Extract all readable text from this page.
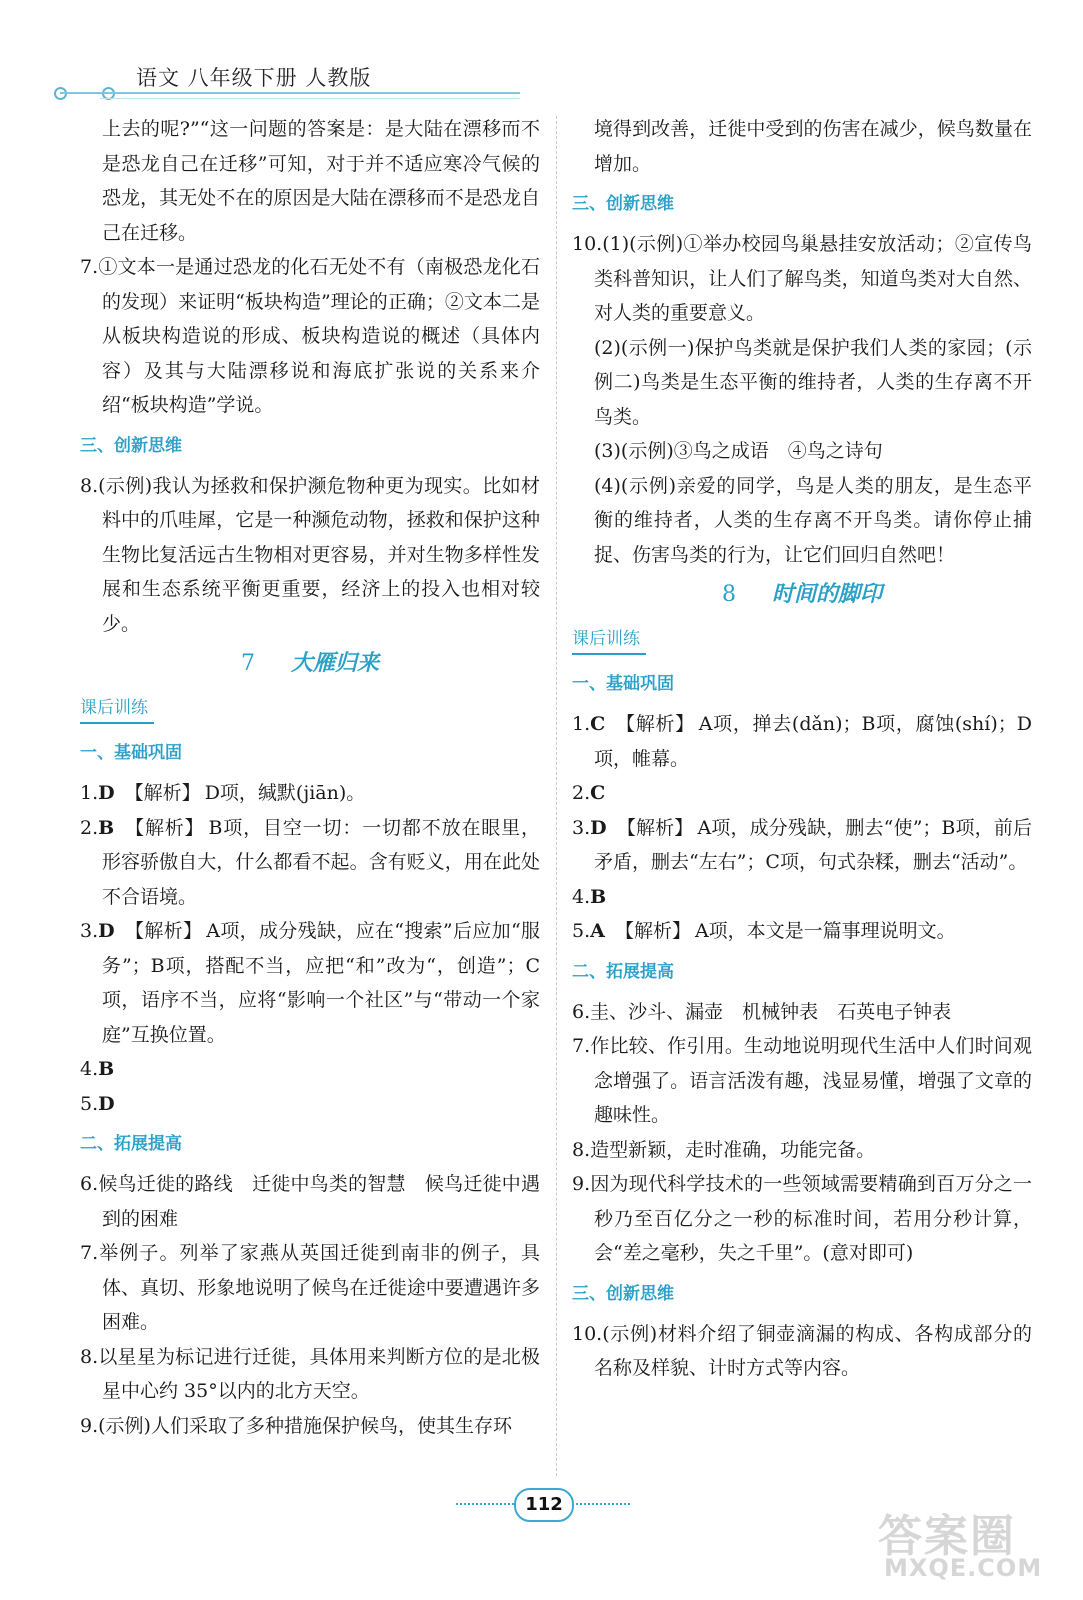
语文 八年级下册 人教版

上去的呢?”“这一问题的答案是：是大陆在漂移而不是恐龙自己在迁移”可知，对于并不适应寒冷气候的恐龙，其无处不在的原因是大陆在漂移而不是恐龙自己在迁移。

7.①文本一是通过恐龙的化石无处不有（南极恐龙化石的发现）来证明“板块构造”理论的正确；②文本二是从板块构造说的形成、板块构造说的概述（具体内容）及其与大陆漂移说和海底扩张说的关系来介绍“板块构造”学说。

三、创新思维

8.(示例)我认为拯救和保护濒危物种更为现实。比如材料中的爪哇犀，它是一种濒危动物，拯救和保护这种生物比复活远古生物相对更容易，并对生物多样性发展和生态系统平衡更重要，经济上的投入也相对较少。

7 大雁归来
课后训练
一、基础巩固

1.D 【解析】 D项，缄默(jiān)。

2.B 【解析】 B项，目空一切：一切都不放在眼里，形容骄傲自大，什么都看不起。含有贬义，用在此处不合语境。

3.D 【解析】 A项，成分残缺，应在“搜索”后应加“服务”；B项，搭配不当，应把“和”改为“，创造”；C项，语序不当，应将“影响一个社区”与“带动一个家庭”互换位置。

4.B

5.D

二、拓展提高

6.候鸟迁徙的路线　迁徙中鸟类的智慧　候鸟迁徙中遇到的困难

7.举例子。列举了家燕从英国迁徙到南非的例子，具体、真切、形象地说明了候鸟在迁徙途中要遭遇许多困难。

8.以星星为标记进行迁徙，具体用来判断方位的是北极星中心约 35°以内的北方天空。

9.(示例)人们采取了多种措施保护候鸟，使其生存环

境得到改善，迁徙中受到的伤害在减少，候鸟数量在增加。

三、创新思维

10.(1)(示例)①举办校园鸟巢悬挂安放活动；②宣传鸟类科普知识，让人们了解鸟类，知道鸟类对大自然、对人类的重要意义。

(2)(示例一)保护鸟类就是保护我们人类的家园；(示例二)鸟类是生态平衡的维持者，人类的生存离不开鸟类。

(3)(示例)③鸟之成语　④鸟之诗句

(4)(示例)亲爱的同学，鸟是人类的朋友，是生态平衡的维持者，人类的生存离不开鸟类。请你停止捕捉、伤害鸟类的行为，让它们回归自然吧！

8 时间的脚印
课后训练
一、基础巩固

1.C 【解析】 A项，掸去(dǎn)；B项，腐蚀(shí)；D项，帷幕。

2.C

3.D 【解析】 A项，成分残缺，删去“使”；B项，前后矛盾，删去“左右”；C项，句式杂糅，删去“活动”。

4.B

5.A 【解析】 A项，本文是一篇事理说明文。

二、拓展提高

6.圭、沙斗、漏壶　机械钟表　石英电子钟表

7.作比较、作引用。生动地说明现代生活中人们时间观念增强了。语言活泼有趣，浅显易懂，增强了文章的趣味性。

8.造型新颖，走时准确，功能完备。

9.因为现代科学技术的一些领域需要精确到百万分之一秒乃至百亿分之一秒的标准时间，若用分秒计算，会“差之毫秒，失之千里”。(意对即可)

三、创新思维

10.(示例)材料介绍了铜壶滴漏的构成、各构成部分的名称及样貌、计时方式等内容。

112
答案圈
MXQE.COM
